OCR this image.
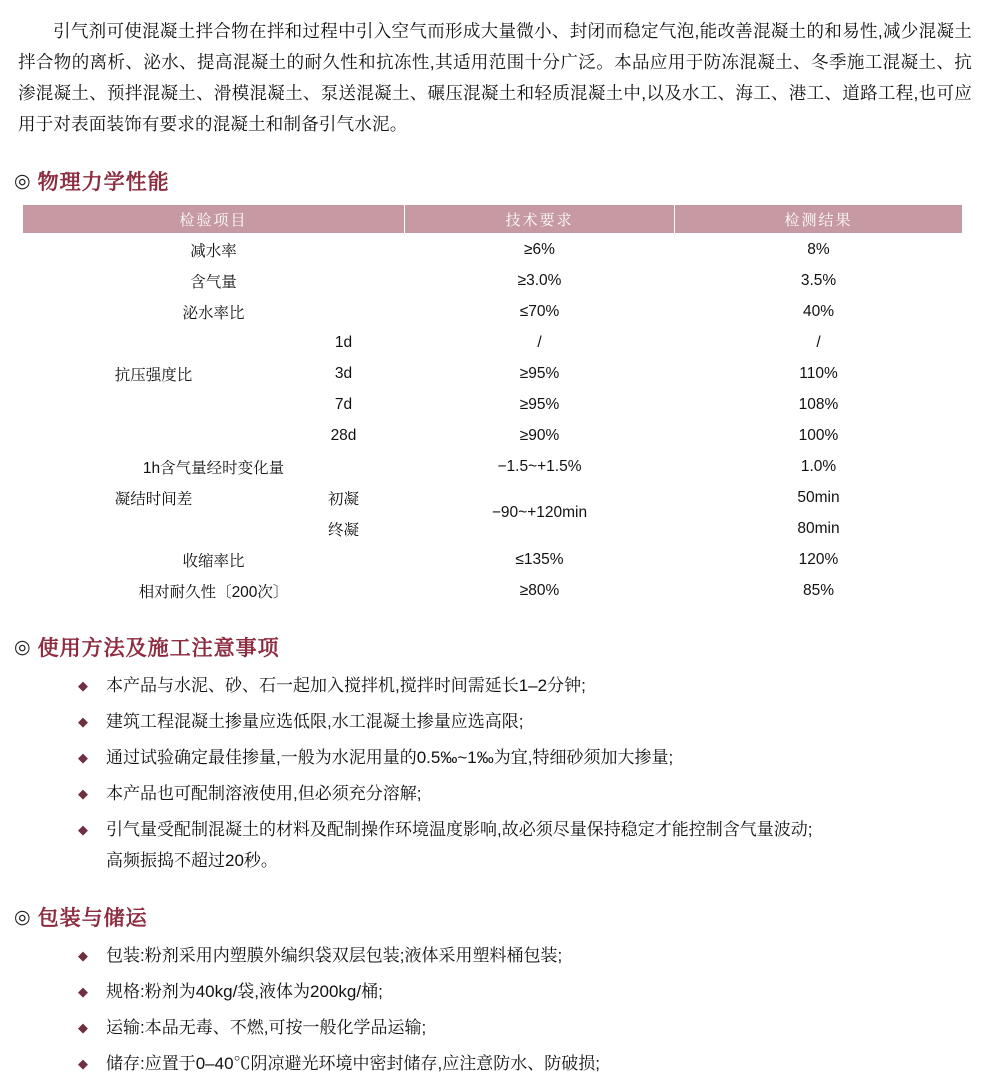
引气剂可使混凝土拌合物在拌和过程中引入空气而形成大量微小、封闭而稳定气泡,能改善混凝土的和易性,减少混凝土拌合物的离析、泌水、提高混凝土的耐久性和抗冻性,其适用范围十分广泛。本品应用于防冻混凝土、冬季施工混凝土、抗渗混凝土、预拌混凝土、滑模混凝土、泵送混凝土、碾压混凝土和轻质混凝土中,以及水工、海工、港工、道路工程,也可应用于对表面装饰有要求的混凝土和制备引气水泥。

◎ 物理力学性能
检验项目	技术要求	检测结果
减水率	≥6%	8%
含气量	≥3.0%	3.5%
泌水率比	≤70%	40%

1d	/	/

抗压强度比 3d	≥95%	110%

7d	≥95%	108%

28d	≥90%	100%
1h含气量经时变化量	−1.5~+1.5%	1.0%

凝结时间差 初凝	−90~+120min	50min

终凝		80min
收缩率比	≤135%	120%
相对耐久性〔200次〕	≥80%	85%
◎ 使用方法及施工注意事项
◆ 本产品与水泥、砂、石一起加入搅拌机,搅拌时间需延长1–2分钟;
◆ 建筑工程混凝土掺量应选低限,水工混凝土掺量应选高限;
◆ 通过试验确定最佳掺量,一般为水泥用量的0.5‰~1‰为宜,特细砂须加大掺量;
◆ 本产品也可配制溶液使用,但必须充分溶解;
◆ 引气量受配制混凝土的材料及配制操作环境温度影响,故必须尽量保持稳定才能控制含气量波动;
高频振捣不超过20秒。
◎ 包装与储运
◆ 包装:粉剂采用内塑膜外编织袋双层包装;液体采用塑料桶包装;
◆ 规格:粉剂为40kg/袋,液体为200kg/桶;
◆ 运输:本品无毒、不燃,可按一般化学品运输;
◆ 储存:应置于0–40℃阴凉避光环境中密封储存,应注意防水、防破损;
